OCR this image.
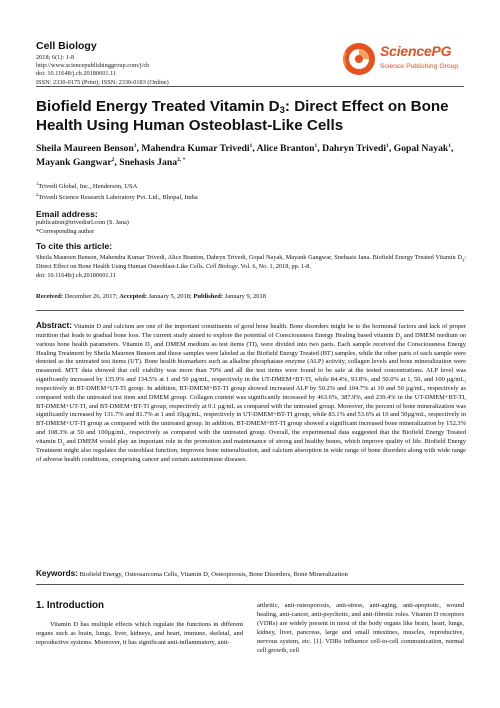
Cell Biology
2018; 6(1): 1-8
http://www.sciencepublishinggroup.com/j/cb
doi: 10.11648/j.cb.20180601.11
ISSN: 2330-0175 (Print); ISSN: 2330-0183 (Online)
SciencePG
Science Publishing Group
Biofield Energy Treated Vitamin $D_3$: Direct Effect on Bone Health Using Human Osteoblast-Like Cells
Sheila Maureen Benson$^1$, Mahendra Kumar Trivedi$^1$, Alice Branton$^1$, Dahryn Trivedi$^1$, Gopal Nayak$^1$, Mayank Gangwar$^2$, Snehasis Jana$^{2, *}$
$^1$Trivedi Global, Inc., Henderson, USA
$^2$Trivedi Science Research Laboratory Pvt. Ltd., Bhopal, India
Email address:
publication@trivedisrl.com (S. Jana)
*Corresponding author
To cite this article:
Sheila Maureen Benson, Mahendra Kumar Trivedi, Alice Branton, Dahryn Trivedi, Gopal Nayak, Mayank Gangwar, Snehasis Jana. Biofield Energy Treated Vitamin $D_3$: Direct Effect on Bone Health Using Human Osteoblast-Like Cells. Cell Biology. Vol. 6, No. 1, 2018, pp. 1-8.
doi: 10.11648/j.cb.20180601.11
Received: December 26, 2017; Accepted: January 5, 2018; Published: January 9, 2018
Abstract: Vitamin D and calcium are one of the important constituents of good bone health. Bone disorders might be to the hormonal factors and lack of proper nutrition that leads to gradual bone loss. The current study aimed to explore the potential of Consciousness Energy Healing based vitamin $D_3$ and DMEM medium on various bone health parameters. Vitamin $D_3$ and DMEM medium as test items (TI), were divided into two parts. Each sample received the Consciousness Energy Healing Treatment by Sheila Maureen Benson and those samples were labeled as the Biofield Energy Treated (BT) samples, while the other parts of each sample were denoted as the untreated test items (UT). Bone health biomarkers such as alkaline phosphatase enzyme (ALP) activity, collagen levels and bone mineralization were measured. MTT data showed that cell viability was more than 70% and all the test items were found to be safe at the tested concentrations. ALP level was significantly increased by 135.9% and 134.5% at 1 and 50 µg/mL, respectively in the UT-DMEM+BT-TI, while 84.4%, 93.8%, and 50.0% at 1, 50, and 100 µg/mL, respectively in BT-DMEM+UT-TI group. In addition, BT-DMEM+BT-TI group showed increased ALP by 50.2% and 104.7% at 10 and 50 µg/mL, respectively as compared with the untreated test item and DMEM group. Collagen content was significantly increased by 463.6%, 387.9%, and 239.4% in the UT-DMEM+BT-TI, BT-DMEM+UT-TI, and BT-DMEM+BT-TI group, respectively at 0.1 µg/mL as compared with the untreated group. Moreover, the percent of bone mineralization was significantly increased by 131.7% and 81.7% at 1 and 10µg/mL, respectively in UT-DMEM+BT-TI group, while 83.1% and 53.6% at 10 and 50µg/mL, respectively in BT-DMEM+UT-TI group as compared with the untreated group. In addition, BT-DMEM+BT-TI group showed a significant increased bone mineralization by 152.3% and 108.3% at 50 and 100µg/mL, respectively as compared with the untreated group. Overall, the experimental data suggested that the Biofield Energy Treated vitamin $D_3$ and DMEM would play an important role in the promotion and maintenance of strong and healthy bones, which improve quality of life. Biofield Energy Treatment might also regulates the osteoblast function, improves bone mineralization, and calcium absorption in wide range of bone disorders along with wide range of adverse health conditions, comprising cancer and certain autoimmune diseases.
Keywords: Biofield Energy, Osteosarcoma Cells, Vitamin D, Osteoporosis, Bone Disorders, Bone Mineralization
1. Introduction
Vitamin D has multiple effects which regulate the functions in different organs such as brain, lungs, liver, kidneys, and heart, immune, skeletal, and reproductive systems. Moreover, it has significant anti-inflammatory, anti-
arthritic, anti-osteoporosis, anti-stress, anti-aging, anti-apoptotic, wound healing, anti-cancer, anti-psychotic, and anti-fibrotic roles. Vitamin D receptors (VDRs) are widely present in most of the body organs like brain, heart, lungs, kidney, liver, pancreas, large and small intestines, muscles, reproductive, nervous system, etc. [1]. VDRs influence cell-to-cell communication, normal cell growth, cell
